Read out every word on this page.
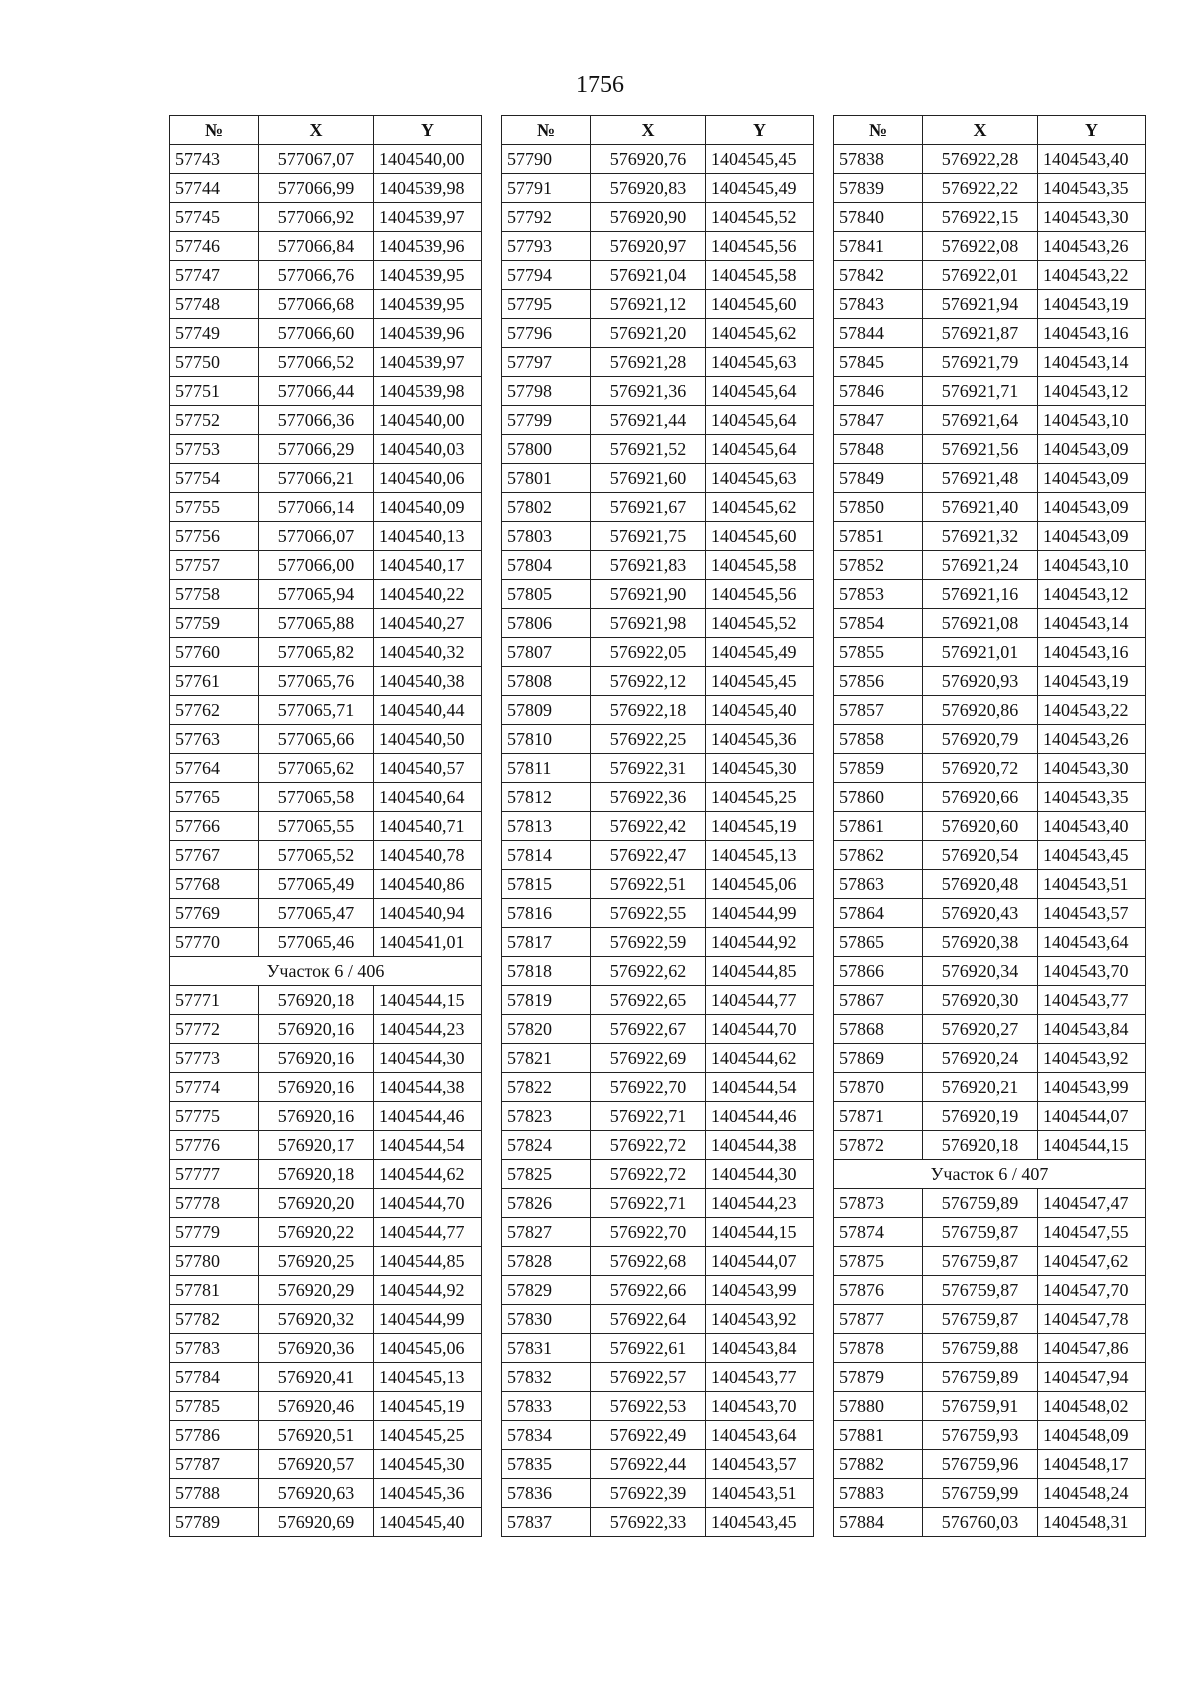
1756
№	X	Y
57743	577067,07	1404540,00
57744	577066,99	1404539,98
57745	577066,92	1404539,97
57746	577066,84	1404539,96
57747	577066,76	1404539,95
57748	577066,68	1404539,95
57749	577066,60	1404539,96
57750	577066,52	1404539,97
57751	577066,44	1404539,98
57752	577066,36	1404540,00
57753	577066,29	1404540,03
57754	577066,21	1404540,06
57755	577066,14	1404540,09
57756	577066,07	1404540,13
57757	577066,00	1404540,17
57758	577065,94	1404540,22
57759	577065,88	1404540,27
57760	577065,82	1404540,32
57761	577065,76	1404540,38
57762	577065,71	1404540,44
57763	577065,66	1404540,50
57764	577065,62	1404540,57
57765	577065,58	1404540,64
57766	577065,55	1404540,71
57767	577065,52	1404540,78
57768	577065,49	1404540,86
57769	577065,47	1404540,94
57770	577065,46	1404541,01
Участок 6 / 406		
57771	576920,18	1404544,15
57772	576920,16	1404544,23
57773	576920,16	1404544,30
57774	576920,16	1404544,38
57775	576920,16	1404544,46
57776	576920,17	1404544,54
57777	576920,18	1404544,62
57778	576920,20	1404544,70
57779	576920,22	1404544,77
57780	576920,25	1404544,85
57781	576920,29	1404544,92
57782	576920,32	1404544,99
57783	576920,36	1404545,06
57784	576920,41	1404545,13
57785	576920,46	1404545,19
57786	576920,51	1404545,25
57787	576920,57	1404545,30
57788	576920,63	1404545,36
57789	576920,69	1404545,40
№	X	Y
57790	576920,76	1404545,45
57791	576920,83	1404545,49
57792	576920,90	1404545,52
57793	576920,97	1404545,56
57794	576921,04	1404545,58
57795	576921,12	1404545,60
57796	576921,20	1404545,62
57797	576921,28	1404545,63
57798	576921,36	1404545,64
57799	576921,44	1404545,64
57800	576921,52	1404545,64
57801	576921,60	1404545,63
57802	576921,67	1404545,62
57803	576921,75	1404545,60
57804	576921,83	1404545,58
57805	576921,90	1404545,56
57806	576921,98	1404545,52
57807	576922,05	1404545,49
57808	576922,12	1404545,45
57809	576922,18	1404545,40
57810	576922,25	1404545,36
57811	576922,31	1404545,30
57812	576922,36	1404545,25
57813	576922,42	1404545,19
57814	576922,47	1404545,13
57815	576922,51	1404545,06
57816	576922,55	1404544,99
57817	576922,59	1404544,92
57818	576922,62	1404544,85
57819	576922,65	1404544,77
57820	576922,67	1404544,70
57821	576922,69	1404544,62
57822	576922,70	1404544,54
57823	576922,71	1404544,46
57824	576922,72	1404544,38
57825	576922,72	1404544,30
57826	576922,71	1404544,23
57827	576922,70	1404544,15
57828	576922,68	1404544,07
57829	576922,66	1404543,99
57830	576922,64	1404543,92
57831	576922,61	1404543,84
57832	576922,57	1404543,77
57833	576922,53	1404543,70
57834	576922,49	1404543,64
57835	576922,44	1404543,57
57836	576922,39	1404543,51
57837	576922,33	1404543,45
№	X	Y
57838	576922,28	1404543,40
57839	576922,22	1404543,35
57840	576922,15	1404543,30
57841	576922,08	1404543,26
57842	576922,01	1404543,22
57843	576921,94	1404543,19
57844	576921,87	1404543,16
57845	576921,79	1404543,14
57846	576921,71	1404543,12
57847	576921,64	1404543,10
57848	576921,56	1404543,09
57849	576921,48	1404543,09
57850	576921,40	1404543,09
57851	576921,32	1404543,09
57852	576921,24	1404543,10
57853	576921,16	1404543,12
57854	576921,08	1404543,14
57855	576921,01	1404543,16
57856	576920,93	1404543,19
57857	576920,86	1404543,22
57858	576920,79	1404543,26
57859	576920,72	1404543,30
57860	576920,66	1404543,35
57861	576920,60	1404543,40
57862	576920,54	1404543,45
57863	576920,48	1404543,51
57864	576920,43	1404543,57
57865	576920,38	1404543,64
57866	576920,34	1404543,70
57867	576920,30	1404543,77
57868	576920,27	1404543,84
57869	576920,24	1404543,92
57870	576920,21	1404543,99
57871	576920,19	1404544,07
57872	576920,18	1404544,15
Участок 6 / 407		
57873	576759,89	1404547,47
57874	576759,87	1404547,55
57875	576759,87	1404547,62
57876	576759,87	1404547,70
57877	576759,87	1404547,78
57878	576759,88	1404547,86
57879	576759,89	1404547,94
57880	576759,91	1404548,02
57881	576759,93	1404548,09
57882	576759,96	1404548,17
57883	576759,99	1404548,24
57884	576760,03	1404548,31
